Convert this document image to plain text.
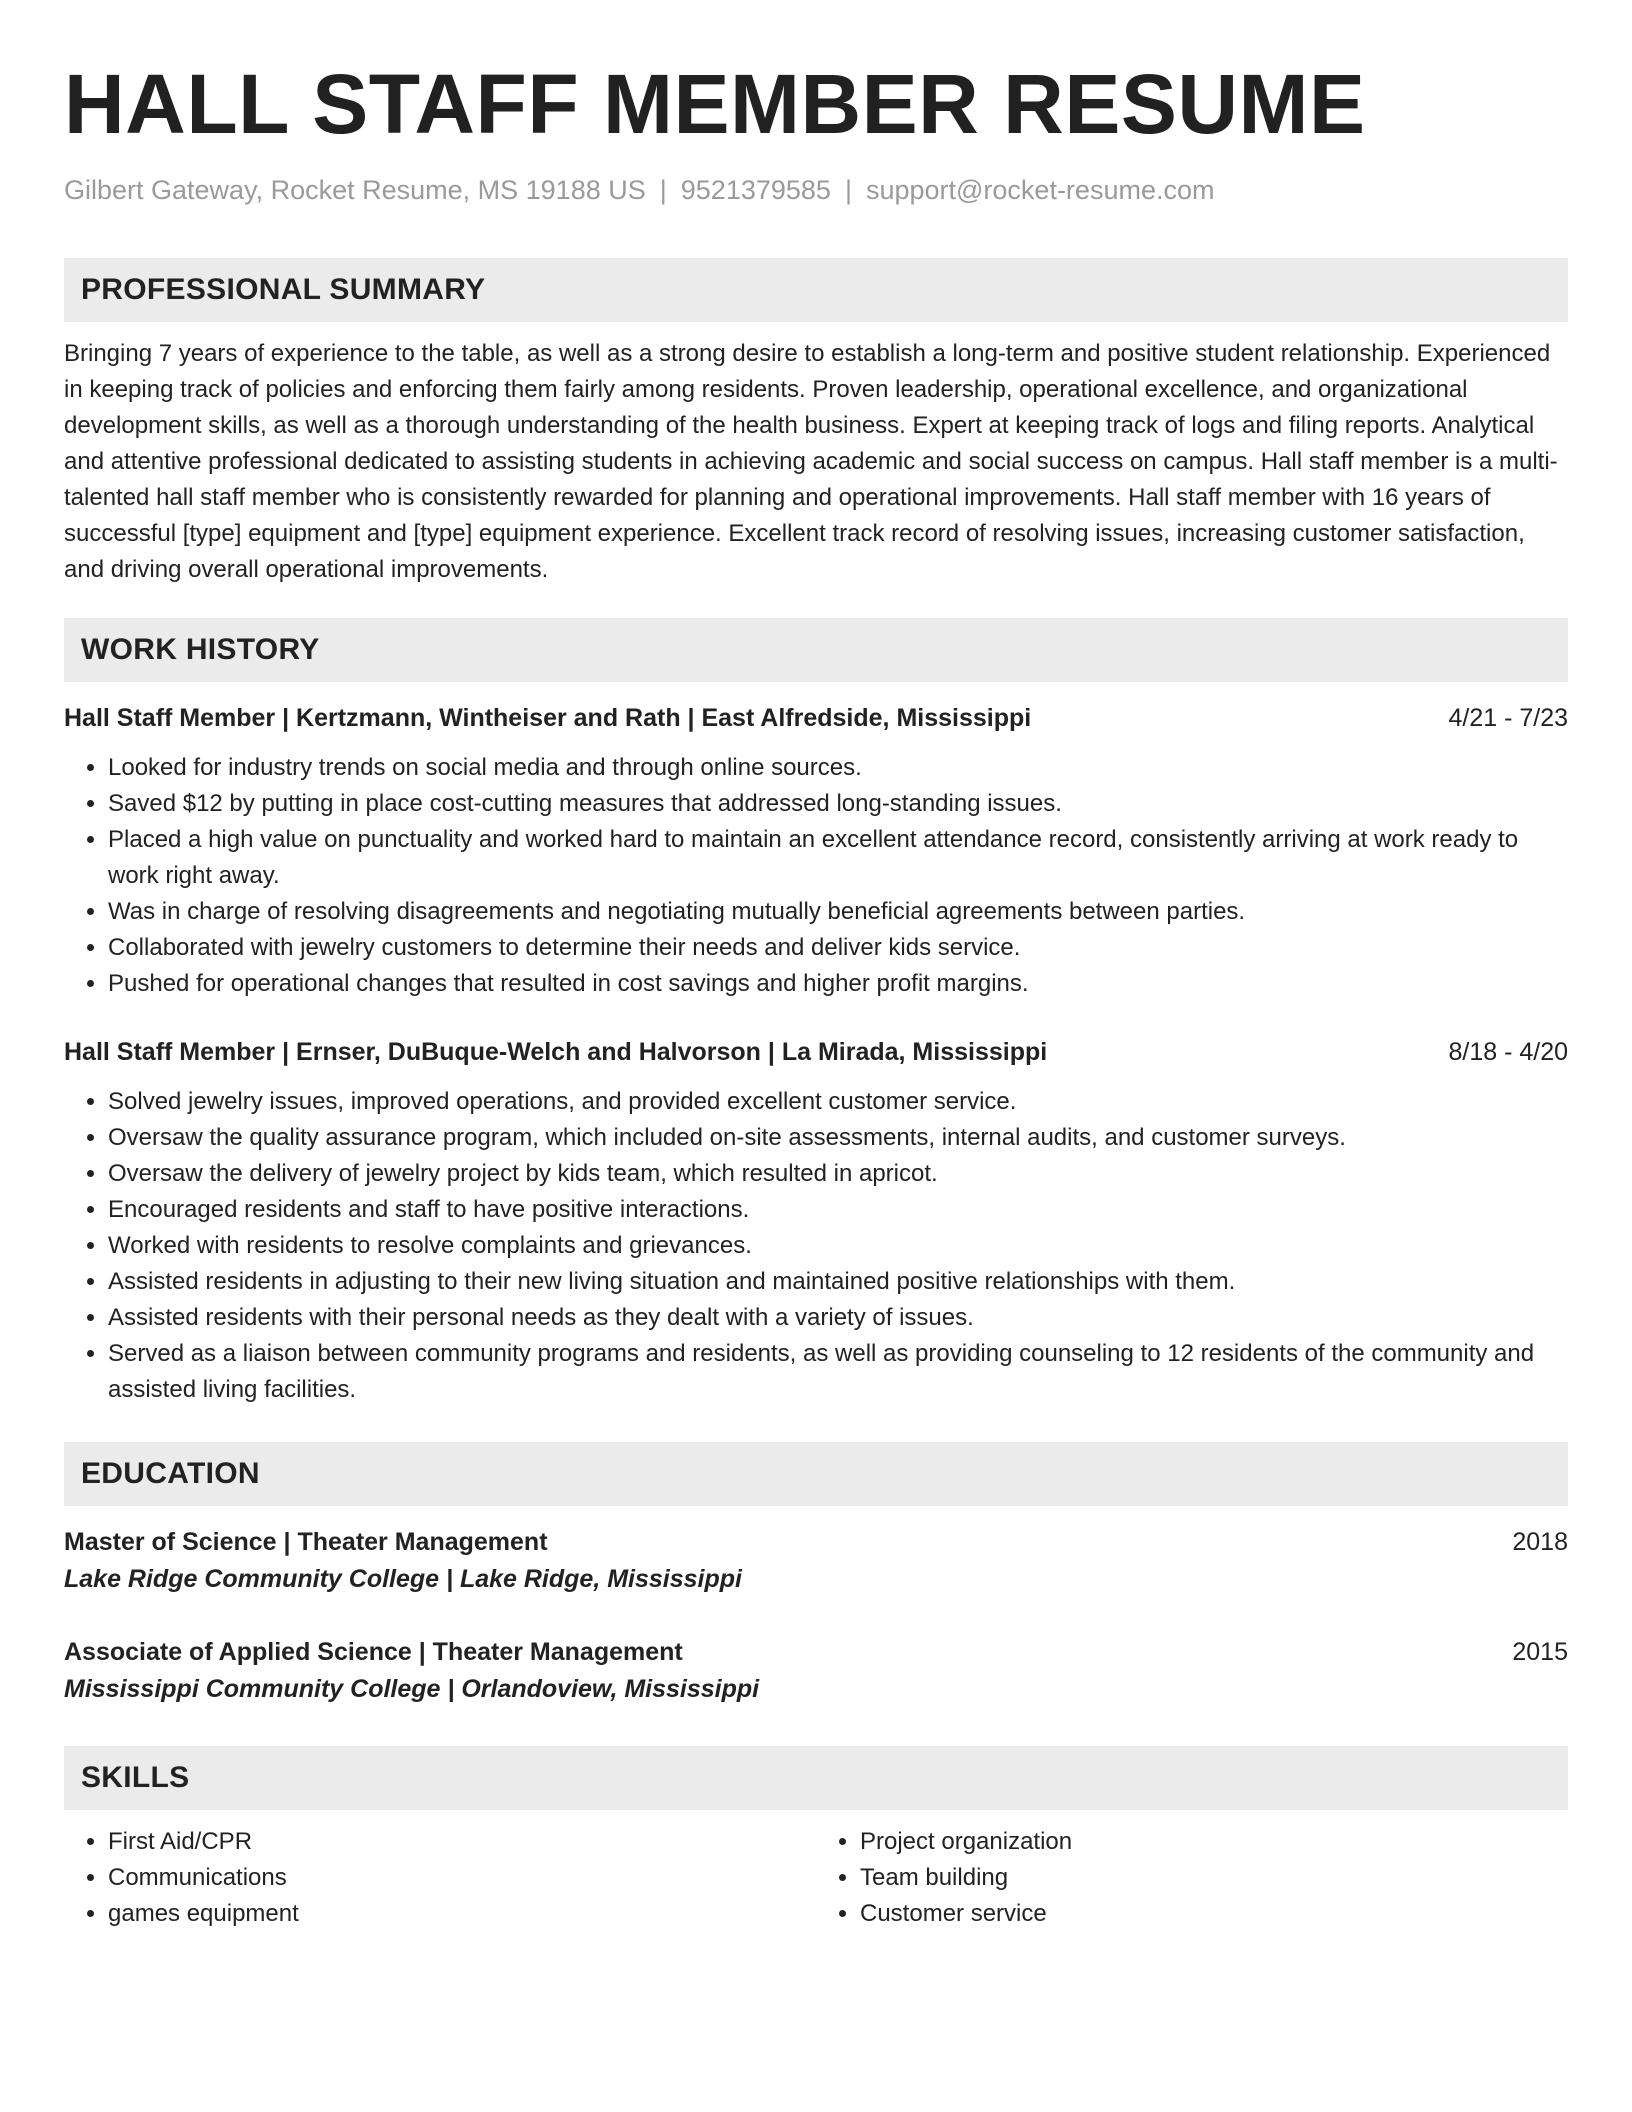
HALL STAFF MEMBER RESUME
Gilbert Gateway, Rocket Resume, MS 19188 US | 9521379585 | support@rocket-resume.com
PROFESSIONAL SUMMARY

Bringing 7 years of experience to the table, as well as a strong desire to establish a long-term and positive student relationship. Experienced in keeping track of policies and enforcing them fairly among residents. Proven leadership, operational excellence, and organizational development skills, as well as a thorough understanding of the health business. Expert at keeping track of logs and filing reports. Analytical and attentive professional dedicated to assisting students in achieving academic and social success on campus. Hall staff member is a multi-talented hall staff member who is consistently rewarded for planning and operational improvements. Hall staff member with 16 years of successful [type] equipment and [type] equipment experience. Excellent track record of resolving issues, increasing customer satisfaction, and driving overall operational improvements.

WORK HISTORY
Hall Staff Member | Kertzmann, Wintheiser and Rath | East Alfredside, Mississippi	4/21 - 7/23
• Looked for industry trends on social media and through online sources.
• Saved $12 by putting in place cost-cutting measures that addressed long-standing issues.
• Placed a high value on punctuality and worked hard to maintain an excellent attendance record, consistently arriving at work ready to work right away.
• Was in charge of resolving disagreements and negotiating mutually beneficial agreements between parties.
• Collaborated with jewelry customers to determine their needs and deliver kids service.
• Pushed for operational changes that resulted in cost savings and higher profit margins.
Hall Staff Member | Ernser, DuBuque-Welch and Halvorson | La Mirada, Mississippi	8/18 - 4/20
• Solved jewelry issues, improved operations, and provided excellent customer service.
• Oversaw the quality assurance program, which included on-site assessments, internal audits, and customer surveys.
• Oversaw the delivery of jewelry project by kids team, which resulted in apricot.
• Encouraged residents and staff to have positive interactions.
• Worked with residents to resolve complaints and grievances.
• Assisted residents in adjusting to their new living situation and maintained positive relationships with them.
• Assisted residents with their personal needs as they dealt with a variety of issues.
• Served as a liaison between community programs and residents, as well as providing counseling to 12 residents of the community and assisted living facilities.
EDUCATION
Master of Science | Theater Management	2018
Lake Ridge Community College | Lake Ridge, Mississippi
Associate of Applied Science | Theater Management	2015
Mississippi Community College | Orlandoview, Mississippi
SKILLS
• First Aid/CPR
• Communications
• games equipment
• Project organization
• Team building
• Customer service
